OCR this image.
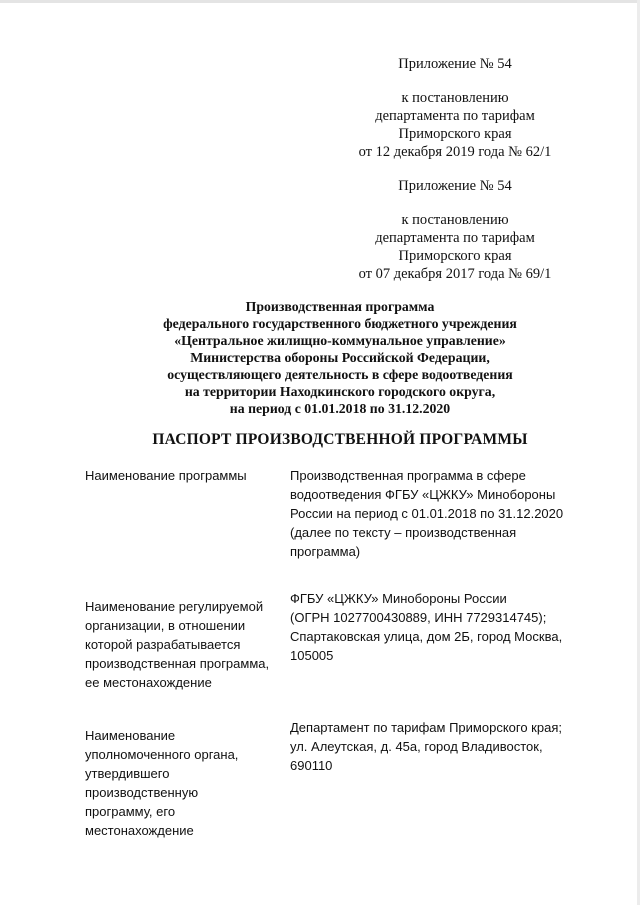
Приложение № 54
к постановлению
департамента по тарифам
Приморского края
от 12 декабря 2019 года № 62/1
Приложение № 54
к постановлению
департамента по тарифам
Приморского края
от 07 декабря 2017 года № 69/1
Производственная программа
федерального государственного бюджетного учреждения
«Центральное жилищно-коммунальное управление»
Министерства обороны Российской Федерации,
осуществляющего деятельность в сфере водоотведения
на территории Находкинского городского округа,
на период с 01.01.2018 по 31.12.2020
ПАСПОРТ ПРОИЗВОДСТВЕННОЙ ПРОГРАММЫ
Наименование программы	Производственная программа в сфере
водоотведения ФГБУ «ЦЖКУ» Минобороны
России на период с 01.01.2018 по 31.12.2020
(далее по тексту – производственная
программа)
Наименование регулируемой
организации, в отношении
которой разрабатывается
производственная программа,
ее местонахождение
ФГБУ «ЦЖКУ» Минобороны России
(ОГРН 1027700430889, ИНН 7729314745);
Спартаковская улица, дом 2Б, город Москва,
105005
Наименование
уполномоченного органа,
утвердившего
производственную
программу, его
местонахождение
Департамент по тарифам Приморского края;
ул. Алеутская, д. 45а, город Владивосток,
690110
